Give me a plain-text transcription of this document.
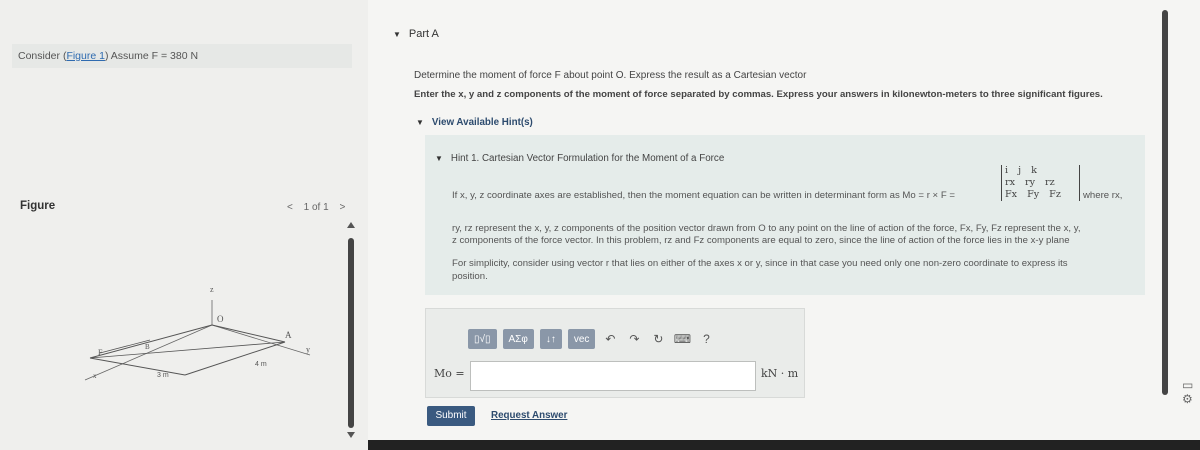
Consider (Figure 1) Assume F = 380 N
Figure	< 1 of 1 >
z
O
A
y
B
F
x	3 m
4 m
▼ Part A
Determine the moment of force F about point O. Express the result as a Cartesian vector
Enter the x, y and z components of the moment of force separated by commas. Express your answers in kilonewton-meters to three significant figures.
▼ View Available Hint(s)
▼ Hint 1. Cartesian Vector Formulation for the Moment of a Force
If x, y, z coordinate axes are established, then the moment equation can be written in determinant form as Mo = r × F =
i j k
rx ry rz
Fx Fy Fz where rx,
ry, rz represent the x, y, z components of the position vector drawn from O to any point on the line of action of the force, Fx, Fy, Fz represent the x, y,
z components of the force vector. In this problem, rz and Fz components are equal to zero, since the line of action of the force lies in the x-y plane
For simplicity, consider using vector r that lies on either of the axes x or y, since in that case you need only one non-zero coordinate to express its
position.
▯√▯	ΑΣφ	↓↑	vec	↶	↷	↻ ⌨	?
Mo =	kN · m
Submit	Request Answer
▭
⚙
